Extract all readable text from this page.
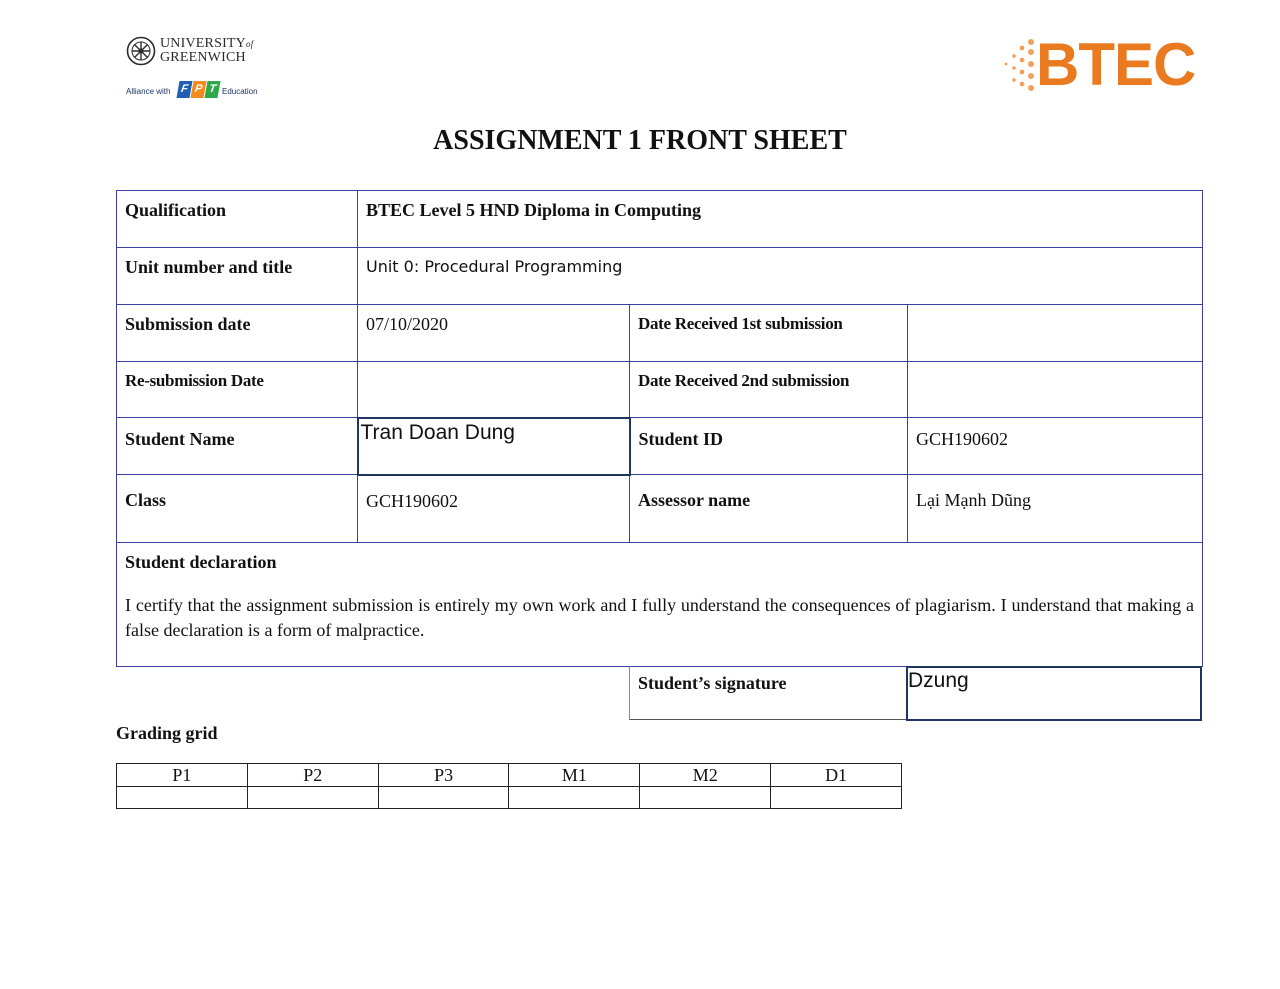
UNIVERSITYof
GREENWICH
Alliance with F P T Education	BTEC
ASSIGNMENT 1 FRONT SHEET
Qualification	BTEC Level 5 HND Diploma in Computing		
Unit number and title	Unit 0: Procedural Programming		
Submission date	07/10/2020	Date Received 1st submission	
Re-submission Date		Date Received 2nd submission	
Student Name	Tran Doan Dung	Student ID	GCH190602
Class	GCH190602	Assessor name	Lại Mạnh Dũng

Student declaration
I certify that the assignment submission is entirely my own work and I fully understand the consequences of plagiarism. I understand that making a false declaration is a form of malpractice.			
Student’s signature	Dzung
Grading grid
P1	P2	P3	M1	M2	D1
